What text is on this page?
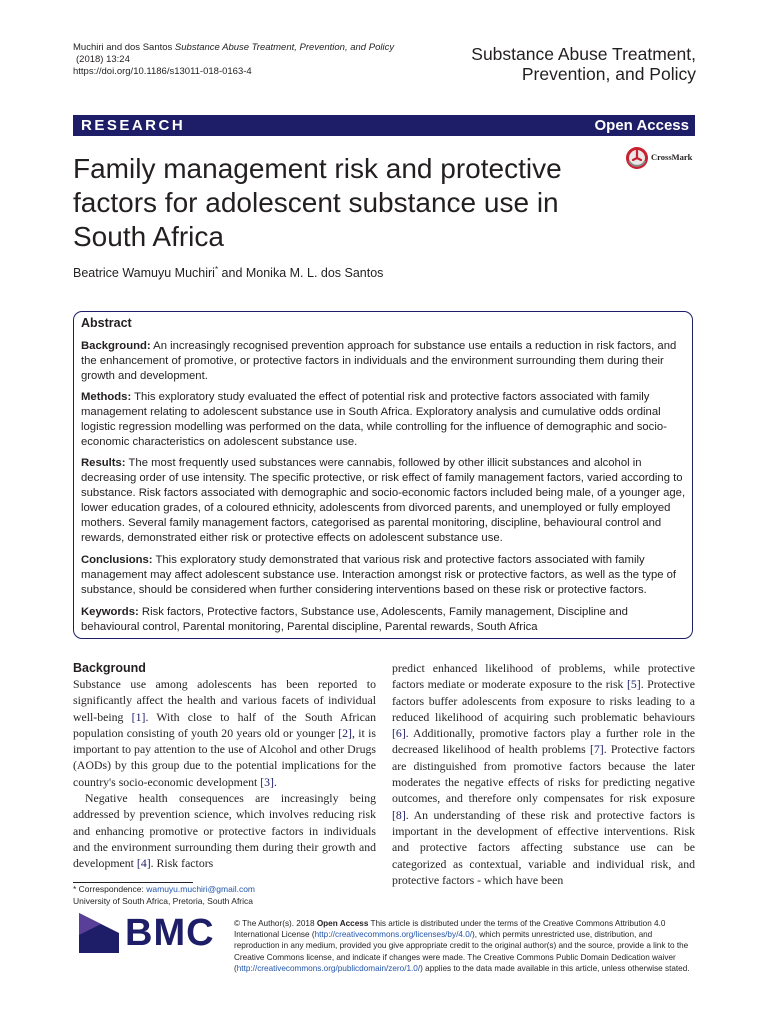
Muchiri and dos Santos Substance Abuse Treatment, Prevention, and Policy
(2018) 13:24
https://doi.org/10.1186/s13011-018-0163-4
Substance Abuse Treatment,
Prevention, and Policy
RESEARCH	Open Access
Family management risk and protective factors for adolescent substance use in South Africa
CrossMark
Beatrice Wamuyu Muchiri* and Monika M. L. dos Santos
Abstract
Background: An increasingly recognised prevention approach for substance use entails a reduction in risk factors, and the enhancement of promotive, or protective factors in individuals and the environment surrounding them during their growth and development.
Methods: This exploratory study evaluated the effect of potential risk and protective factors associated with family management relating to adolescent substance use in South Africa. Exploratory analysis and cumulative odds ordinal logistic regression modelling was performed on the data, while controlling for the influence of demographic and socio-economic characteristics on adolescent substance use.
Results: The most frequently used substances were cannabis, followed by other illicit substances and alcohol in decreasing order of use intensity. The specific protective, or risk effect of family management factors, varied according to substance. Risk factors associated with demographic and socio-economic factors included being male, of a younger age, lower education grades, of a coloured ethnicity, adolescents from divorced parents, and unemployed or fully employed mothers. Several family management factors, categorised as parental monitoring, discipline, behavioural control and rewards, demonstrated either risk or protective effects on adolescent substance use.
Conclusions: This exploratory study demonstrated that various risk and protective factors associated with family management may affect adolescent substance use. Interaction amongst risk or protective factors, as well as the type of substance, should be considered when further considering interventions based on these risk or protective factors.
Keywords: Risk factors, Protective factors, Substance use, Adolescents, Family management, Discipline and behavioural control, Parental monitoring, Parental discipline, Parental rewards, South Africa
Background

Substance use among adolescents has been reported to significantly affect the health and various facets of individual well-being [1]. With close to half of the South African population consisting of youth 20 years old or younger [2], it is important to pay attention to the use of Alcohol and other Drugs (AODs) by this group due to the potential implications for the country's socio-economic development [3].

Negative health consequences are increasingly being addressed by prevention science, which involves reducing risk and enhancing promotive or protective factors in individuals and the environment surrounding them during their growth and development [4]. Risk factors

predict enhanced likelihood of problems, while protective factors mediate or moderate exposure to the risk [5]. Protective factors buffer adolescents from exposure to risks leading to a reduced likelihood of acquiring such problematic behaviours [6]. Additionally, promotive factors play a further role in the decreased likelihood of health problems [7]. Protective factors are distinguished from promotive factors because the later moderates the negative effects of risks for predicting negative outcomes, and therefore only compensates for risk exposure [8]. An understanding of these risk and protective factors is important in the development of effective interventions. Risk and protective factors affecting substance use can be categorized as contextual, variable and individual risk, and protective factors - which have been

* Correspondence: wamuyu.muchiri@gmail.com
University of South Africa, Pretoria, South Africa
BMC © The Author(s). 2018 Open Access This article is distributed under the terms of the Creative Commons Attribution 4.0 International License (http://creativecommons.org/licenses/by/4.0/), which permits unrestricted use, distribution, and reproduction in any medium, provided you give appropriate credit to the original author(s) and the source, provide a link to the Creative Commons license, and indicate if changes were made. The Creative Commons Public Domain Dedication waiver (http://creativecommons.org/publicdomain/zero/1.0/) applies to the data made available in this article, unless otherwise stated.
